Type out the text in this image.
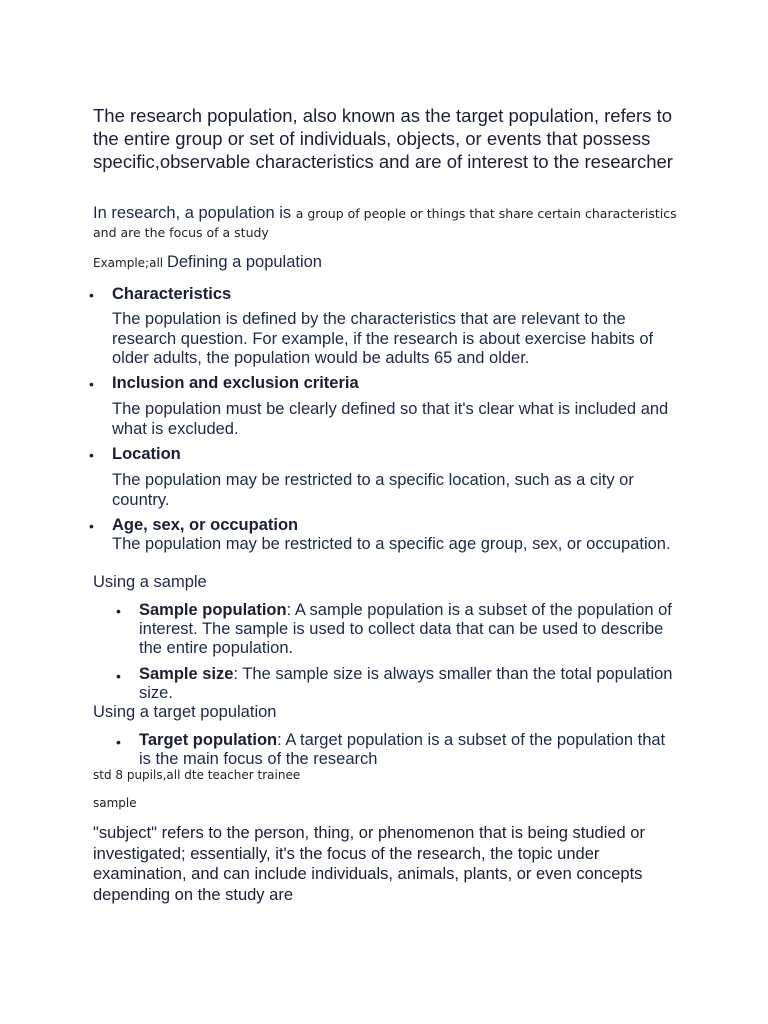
The research population, also known as the target population, refers to the entire group or set of individuals, objects, or events that possess specific,observable characteristics and are of interest to the researcher

In research, a population is a group of people or things that share certain characteristics and are the focus of a study

Example;all Defining a population

• Characteristics

The population is defined by the characteristics that are relevant to the research question. For example, if the research is about exercise habits of older adults, the population would be adults 65 and older.

• Inclusion and exclusion criteria

The population must be clearly defined so that it's clear what is included and what is excluded.

• Location

The population may be restricted to a specific location, such as a city or country.

• Age, sex, or occupation

The population may be restricted to a specific age group, sex, or occupation.

Using a sample

• Sample population: A sample population is a subset of the population of interest. The sample is used to collect data that can be used to describe the entire population.

• Sample size: The sample size is always smaller than the total population size.

Using a target population

• Target population: A target population is a subset of the population that is the main focus of the research

std 8 pupils,all dte teacher trainee

sample

"subject" refers to the person, thing, or phenomenon that is being studied or investigated; essentially, it's the focus of the research, the topic under examination, and can include individuals, animals, plants, or even concepts depending on the study are
